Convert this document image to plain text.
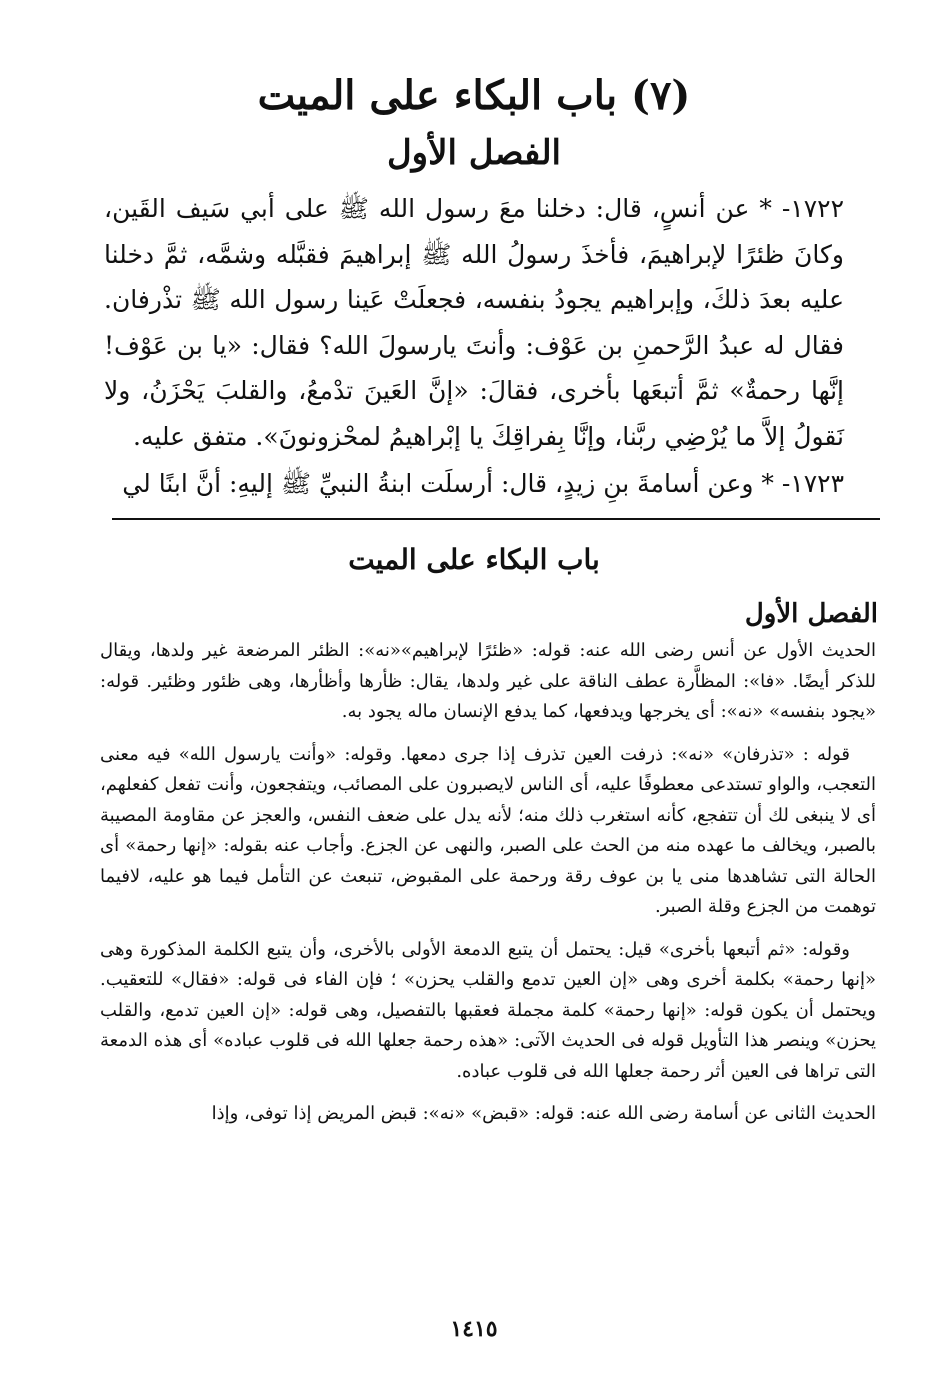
(٧) باب البكاء على الميت
الفصل الأول

١٧٢٢- * عن أنسٍ، قال: دخلنا معَ رسول الله ﷺ على أبي سَيف القَين، وكانَ ظئرًا لإبراهيمَ، فأخذَ رسولُ الله ﷺ إبراهيمَ فقبَّله وشمَّه، ثمَّ دخلنا عليه بعدَ ذلكَ، وإبراهيم يجودُ بنفسه، فجعلَتْ عَينا رسول الله ﷺ تذْرفان. فقال له عبدُ الرَّحمنِ بن عَوْف: وأنتَ يارسولَ الله؟ فقال: «يا بن عَوْف! إنَّها رحمةٌ» ثمَّ أتبعَها بأخرى، فقالَ: «إنَّ العَينَ تدْمعُ، والقلبَ يَحْزَنُ، ولا نَقولُ إلاَّ ما يُرْضِي ربَّنا، وإنَّا بِفراقِكَ يا إبْراهيمُ لمحْزونونَ». متفق عليه.

١٧٢٣- * وعن أسامةَ بنِ زيدٍ، قال: أرسلَت ابنةُ النبيِّ ﷺ إليهِ: أنَّ ابنًا لي

باب البكاء على الميت
الفصل الأول

الحديث الأول عن أنس رضى الله عنه: قوله: «ظئرًا لإبراهيم»«نه»: الظئر المرضعة غير ولدها، ويقال للذكر أيضًا. «فا»: المظاَّرة عطف الناقة على غير ولدها، يقال: ظأرها وأظأرها، وهى ظئور وظئير. قوله: «يجود بنفسه» «نه»: أى يخرجها ويدفعها، كما يدفع الإنسان ماله يجود به.

قوله : «تذرفان» «نه»: ذرفت العين تذرف إذا جرى دمعها. وقوله: «وأنت يارسول الله» فيه معنى التعجب، والواو تستدعى معطوفًا عليه، أى الناس لايصبرون على المصائب، ويتفجعون، وأنت تفعل كفعلهم، أى لا ينبغى لك أن تتفجع، كأنه استغرب ذلك منه؛ لأنه يدل على ضعف النفس، والعجز عن مقاومة المصيبة بالصبر، ويخالف ما عهده منه من الحث على الصبر، والنهى عن الجزع. وأجاب عنه بقوله: «إنها رحمة» أى الحالة التى تشاهدها منى يا بن عوف رقة ورحمة على المقبوض، تنبعث عن التأمل فيما هو عليه، لافيما توهمت من الجزع وقلة الصبر.

وقوله: «ثم أتبعها بأخرى» قيل: يحتمل أن يتبع الدمعة الأولى بالأخرى، وأن يتبع الكلمة المذكورة وهى «إنها رحمة» بكلمة أخرى وهى «إن العين تدمع والقلب يحزن» ؛ فإن الفاء فى قوله: «فقال» للتعقيب. ويحتمل أن يكون قوله: «إنها رحمة» كلمة مجملة فعقبها بالتفصيل، وهى قوله: «إن العين تدمع، والقلب يحزن» وينصر هذا التأويل قوله فى الحديث الآتى: «هذه رحمة جعلها الله فى قلوب عباده» أى هذه الدمعة التى تراها فى العين أثر رحمة جعلها الله فى قلوب عباده.

الحديث الثانى عن أسامة رضى الله عنه: قوله: «قبض» «نه»: قبض المريض إذا توفى، وإذا

١٤١٥
